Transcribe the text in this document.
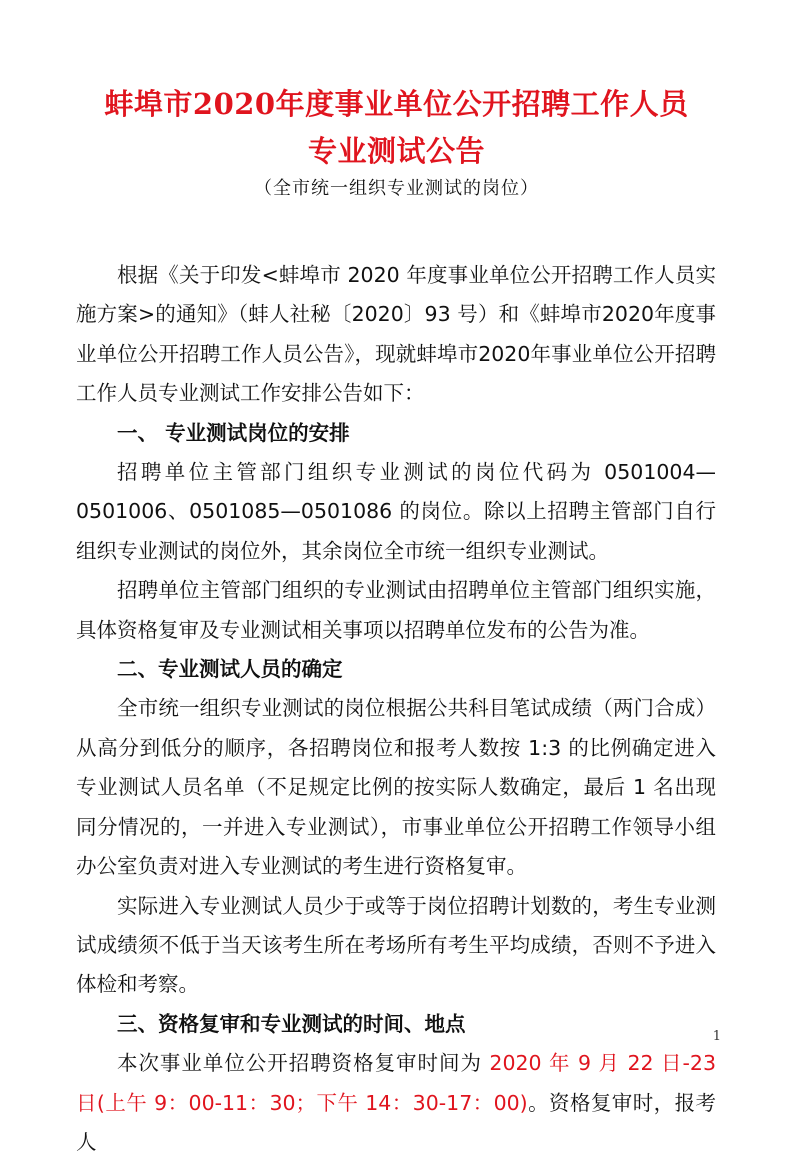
蚌埠市2020年度事业单位公开招聘工作人员
专业测试公告
（全市统一组织专业测试的岗位）

根据《关于印发<蚌埠市 2020 年度事业单位公开招聘工作人员实施方案>的通知》（蚌人社秘〔2020〕93 号）和《蚌埠市2020年度事业单位公开招聘工作人员公告》，现就蚌埠市2020年事业单位公开招聘工作人员专业测试工作安排公告如下：

一、 专业测试岗位的安排

招聘单位主管部门组织专业测试的岗位代码为 0501004—0501006、0501085—0501086 的岗位。除以上招聘主管部门自行组织专业测试的岗位外，其余岗位全市统一组织专业测试。

招聘单位主管部门组织的专业测试由招聘单位主管部门组织实施，具体资格复审及专业测试相关事项以招聘单位发布的公告为准。

二、专业测试人员的确定

全市统一组织专业测试的岗位根据公共科目笔试成绩（两门合成）从高分到低分的顺序，各招聘岗位和报考人数按 1:3 的比例确定进入专业测试人员名单（不足规定比例的按实际人数确定，最后 1 名出现同分情况的，一并进入专业测试），市事业单位公开招聘工作领导小组办公室负责对进入专业测试的考生进行资格复审。

实际进入专业测试人员少于或等于岗位招聘计划数的，考生专业测试成绩须不低于当天该考生所在考场所有考生平均成绩，否则不予进入体检和考察。

三、资格复审和专业测试的时间、地点

本次事业单位公开招聘资格复审时间为 2020 年 9 月 22 日-23 日(上午 9：00-11：30；下午 14：30-17：00)。资格复审时，报考人

1
